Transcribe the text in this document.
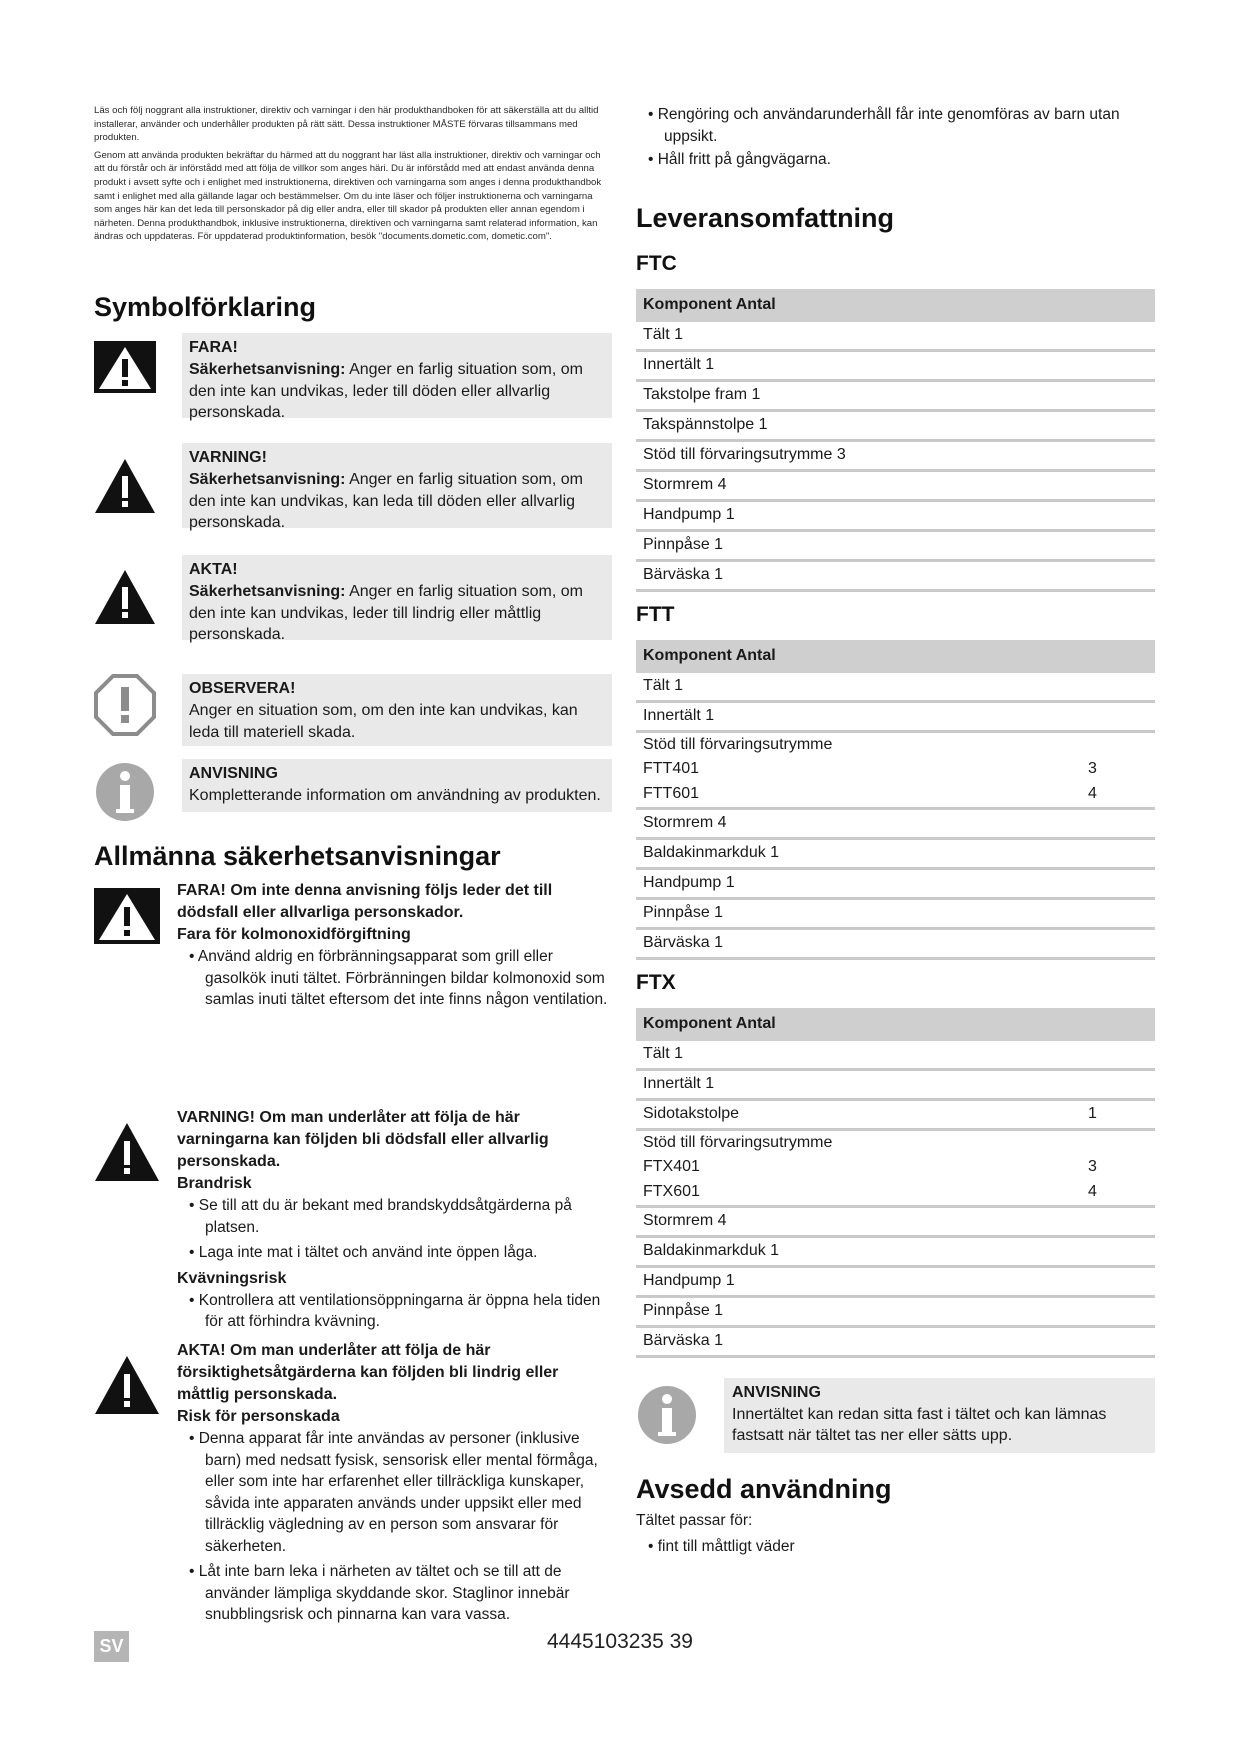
Läs och följ noggrant alla instruktioner, direktiv och varningar i den här produkthandboken för att säkerställa att du alltid installerar, använder och underhåller produkten på rätt sätt. Dessa instruktioner MÅSTE förvaras tillsammans med produkten.

Genom att använda produkten bekräftar du härmed att du noggrant har läst alla instruktioner, direktiv och varningar och att du förstår och är införstådd med att följa de villkor som anges häri. Du är införstådd med att endast använda denna produkt i avsett syfte och i enlighet med instruktionerna, direktiven och varningarna som anges i denna produkthandbok samt i enlighet med alla gällande lagar och bestämmelser. Om du inte läser och följer instruktionerna och varningarna som anges här kan det leda till personskador på dig eller andra, eller till skador på produkten eller annan egendom i närheten. Denna produkthandbok, inklusive instruktionerna, direktiven och varningarna samt relaterad information, kan ändras och uppdateras. För uppdaterad produktinformation, besök "documents.dometic.com, dometic.com".

Symbolförklaring
FARA!
Säkerhetsanvisning: Anger en farlig situation som, om den inte kan undvikas, leder till döden eller allvarlig personskada.
VARNING!
Säkerhetsanvisning: Anger en farlig situation som, om den inte kan undvikas, kan leda till döden eller allvarlig personskada.
AKTA!
Säkerhetsanvisning: Anger en farlig situation som, om den inte kan undvikas, leder till lindrig eller måttlig personskada.
OBSERVERA!
Anger en situation som, om den inte kan undvikas, kan leda till materiell skada.
ANVISNING
Kompletterande information om användning av produkten.
Allmänna säkerhetsanvisningar
FARA! Om inte denna anvisning följs leder det till dödsfall eller allvarliga personskador.
Fara för kolmonoxidförgiftning

• Använd aldrig en förbränningsapparat som grill eller gasolkök inuti tältet. Förbränningen bildar kolmonoxid som samlas inuti tältet eftersom det inte finns någon ventilation.

VARNING! Om man underlåter att följa de här varningarna kan följden bli dödsfall eller allvarlig personskada.
Brandrisk

• Se till att du är bekant med brandskyddsåtgärderna på platsen.

• Laga inte mat i tältet och använd inte öppen låga.

Kvävningsrisk

• Kontrollera att ventilationsöppningarna är öppna hela tiden för att förhindra kvävning.

AKTA! Om man underlåter att följa de här försiktighetsåtgärderna kan följden bli lindrig eller måttlig personskada.
Risk för personskada

• Denna apparat får inte användas av personer (inklusive barn) med nedsatt fysisk, sensorisk eller mental förmåga, eller som inte har erfarenhet eller tillräckliga kunskaper, såvida inte apparaten används under uppsikt eller med tillräcklig vägledning av en person som ansvarar för säkerheten.

• Låt inte barn leka i närheten av tältet och se till att de använder lämpliga skyddande skor. Staglinor innebär snubblingsrisk och pinnarna kan vara vassa.

• Rengöring och användarunderhåll får inte genomföras av barn utan uppsikt.

• Håll fritt på gångvägarna.

Leveransomfattning
FTC
Komponent Antal
Tält 1
Innertält 1
Takstolpe fram 1
Takspännstolpe 1
Stöd till förvaringsutrymme 3
Stormrem 4
Handpump 1
Pinnpåse 1
Bärväska 1
FTT
Komponent Antal	
Tält 1	
Innertält 1	
Stöd till förvaringsutrymme	
FTT401	3
FTT601	4
Stormrem 4	
Baldakinmarkduk 1	
Handpump 1	
Pinnpåse 1	
Bärväska 1	
FTX
Komponent Antal	
Tält 1	
Innertält 1	
Sidotakstolpe	1
Stöd till förvaringsutrymme	
FTX401	3
FTX601	4
Stormrem 4	
Baldakinmarkduk 1	
Handpump 1	
Pinnpåse 1	
Bärväska 1	
ANVISNING
Innertältet kan redan sitta fast i tältet och kan lämnas fastsatt när tältet tas ner eller sätts upp.
Avsedd användning
Tältet passar för:

• fint till måttligt väder

SV	4445103235 39
